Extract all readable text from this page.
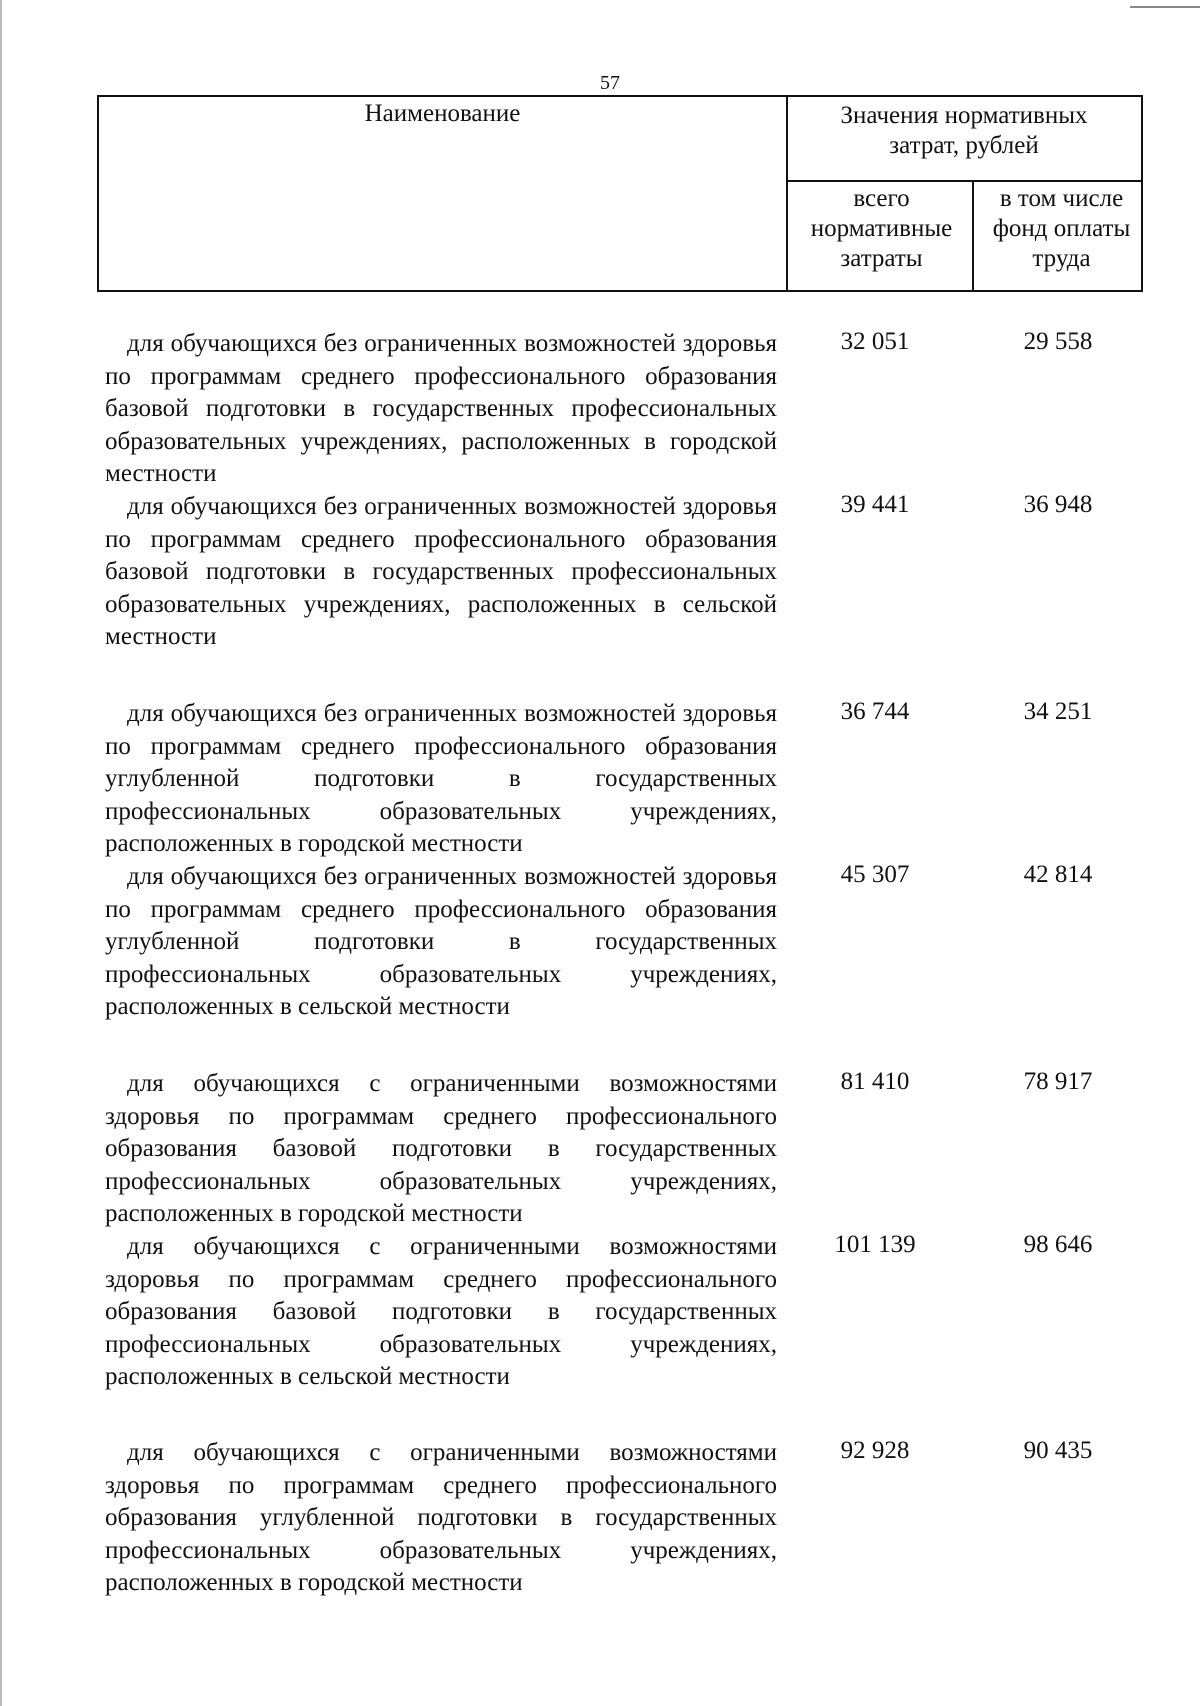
57
Наименование	Значения нормативных затрат, рублей
всего нормативные затраты
в том числе фонд оплаты труда
для обучающихся без ограниченных возможностей здоровья по программам среднего профессионального образования базовой подготовки в государственных профессиональных образовательных учреждениях, расположенных в городской местности
32 051	29 558
для обучающихся без ограниченных возможностей здоровья по программам среднего профессионального образования базовой подготовки в государственных профессиональных образовательных учреждениях, расположенных в сельской местности
39 441	36 948
для обучающихся без ограниченных возможностей здоровья по программам среднего профессионального образования углубленной подготовки в государственных профессиональных образовательных учреждениях, расположенных в городской местности
36 744	34 251
для обучающихся без ограниченных возможностей здоровья по программам среднего профессионального образования углубленной подготовки в государственных профессиональных образовательных учреждениях, расположенных в сельской местности
45 307	42 814
для обучающихся с ограниченными возможностями здоровья по программам среднего профессионального образования базовой подготовки в государственных профессиональных образовательных учреждениях, расположенных в городской местности
81 410	78 917
для обучающихся с ограниченными возможностями здоровья по программам среднего профессионального образования базовой подготовки в государственных профессиональных образовательных учреждениях, расположенных в сельской местности
101 139	98 646
для обучающихся с ограниченными возможностями здоровья по программам среднего профессионального образования углубленной подготовки в государственных профессиональных образовательных учреждениях, расположенных в городской местности
92 928	90 435
